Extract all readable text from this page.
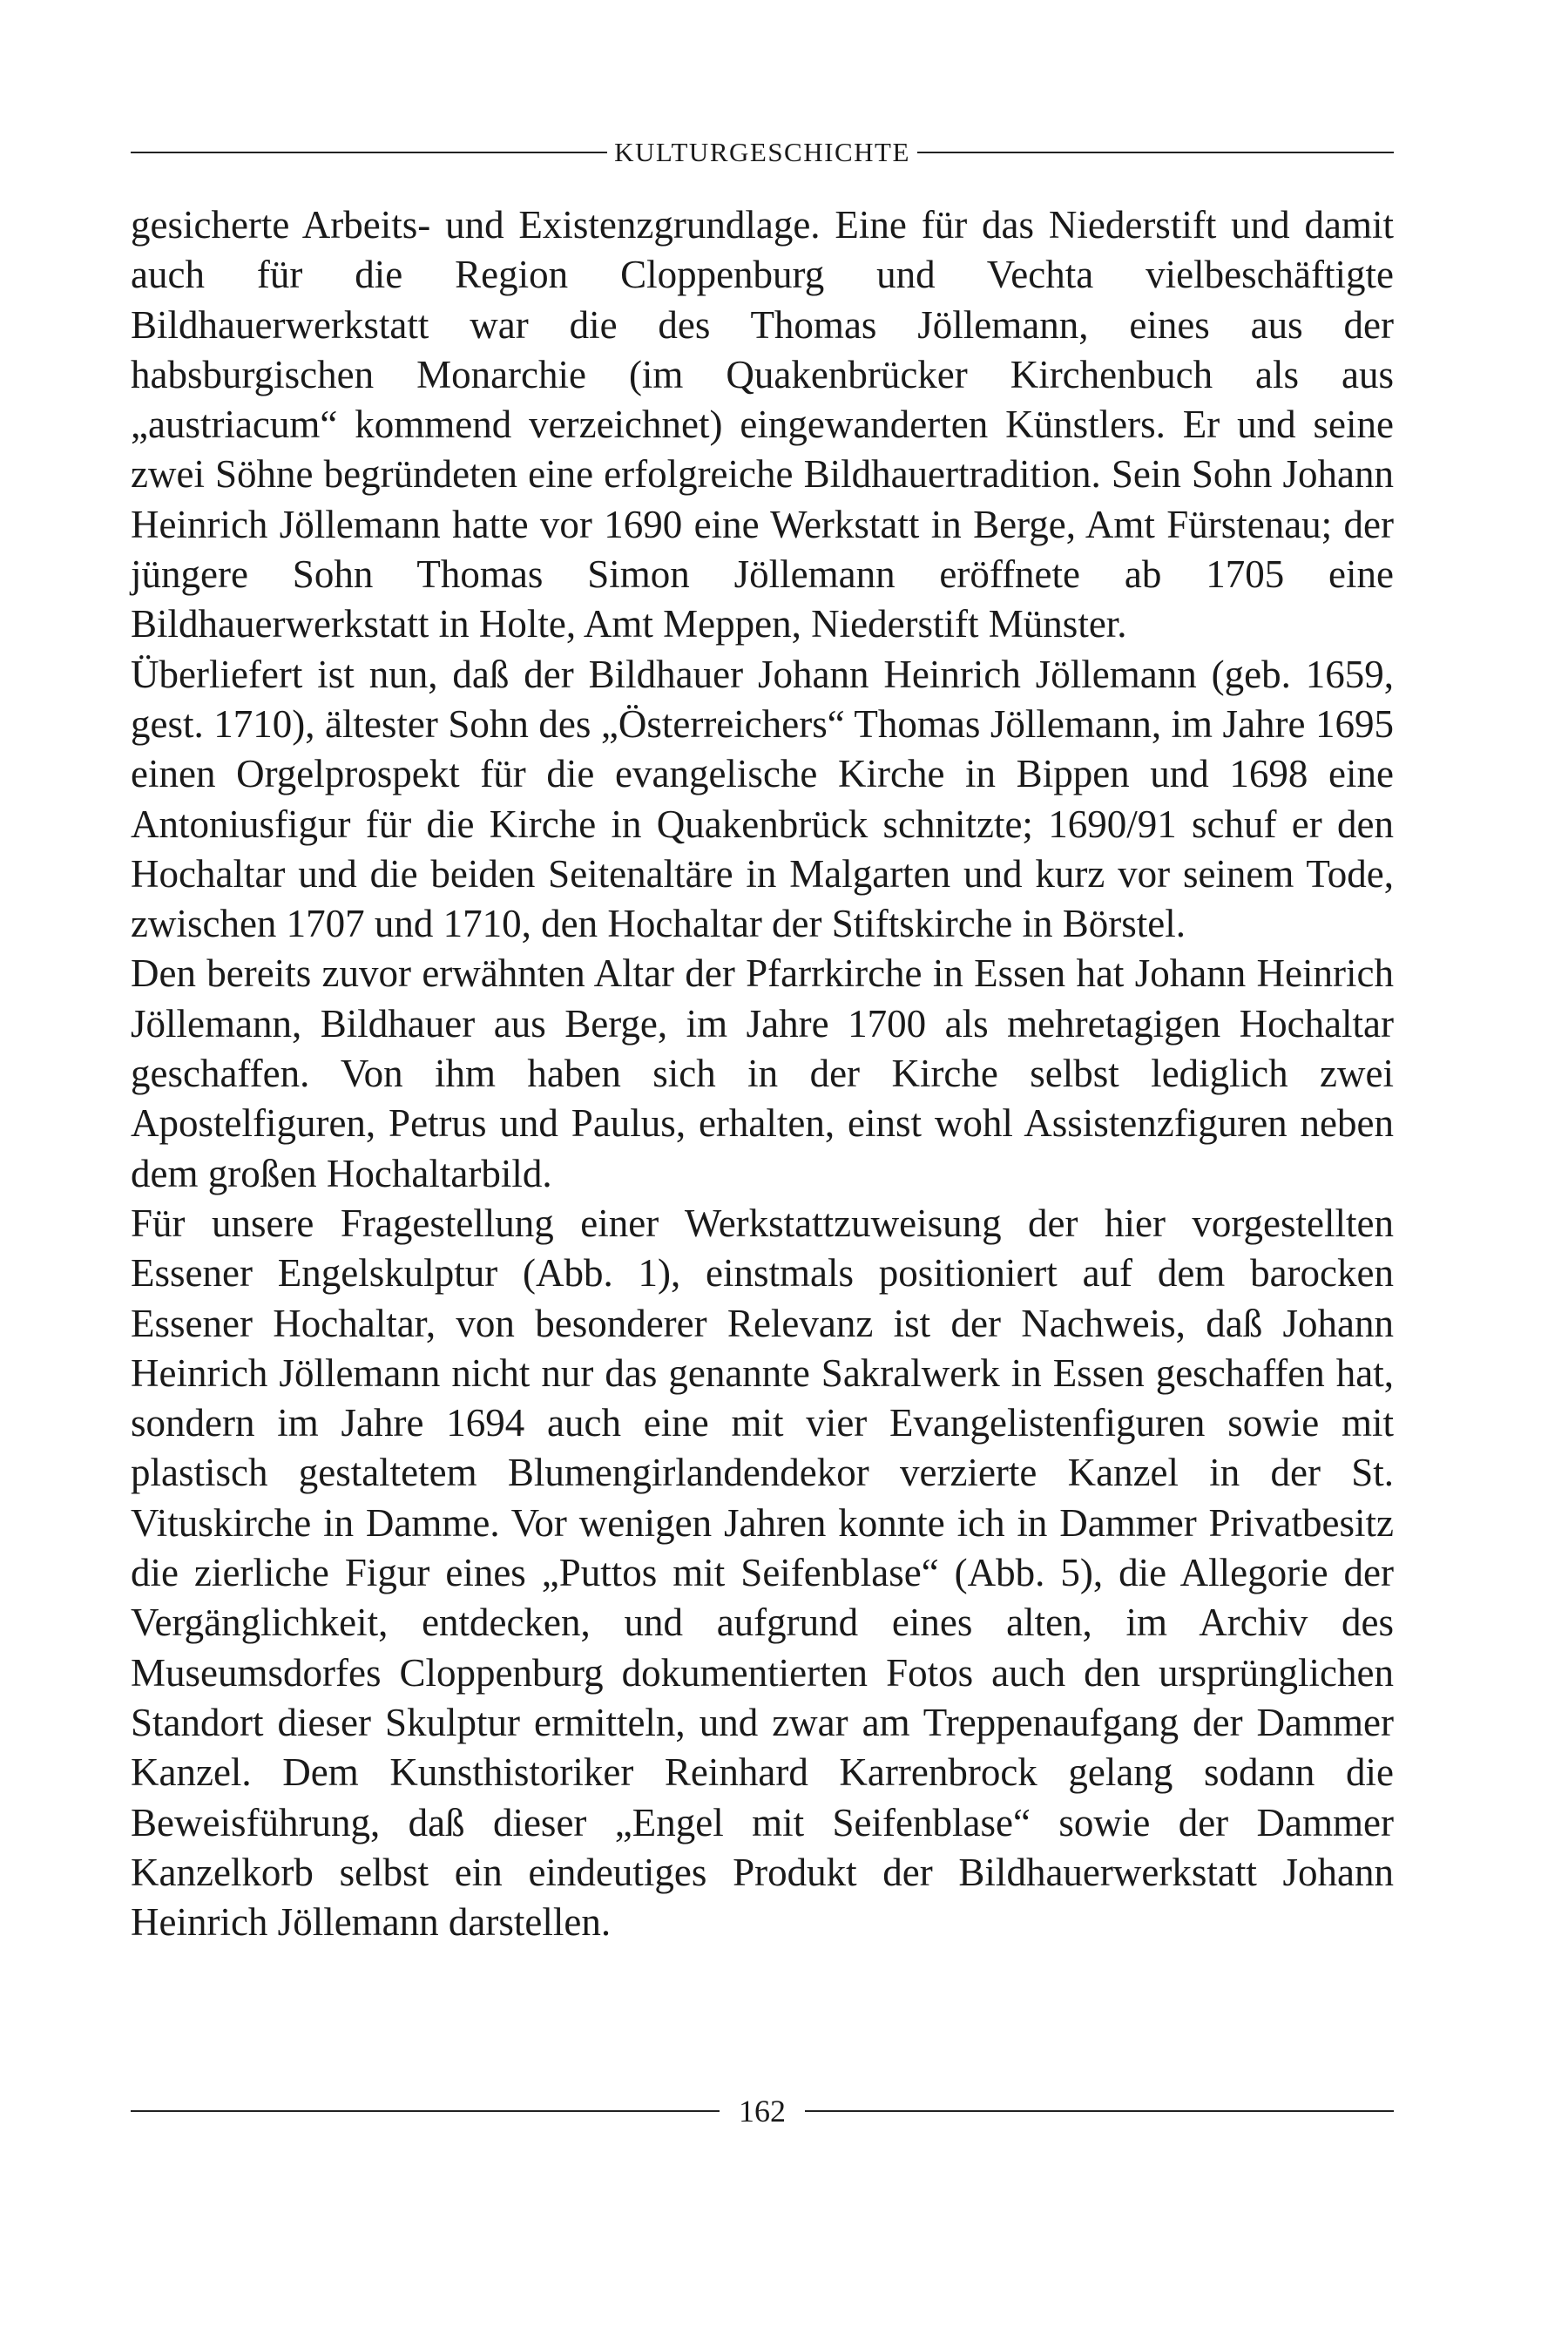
KULTURGESCHICHTE

gesicherte Arbeits- und Existenzgrundlage. Eine für das Niederstift und damit auch für die Region Cloppenburg und Vechta vielbeschäftigte Bildhauerwerkstatt war die des Thomas Jöllemann, eines aus der habsburgischen Monarchie (im Quakenbrücker Kirchenbuch als aus „austriacum“ kommend verzeichnet) eingewanderten Künstlers. Er und seine zwei Söhne begründeten eine erfolgreiche Bildhauertradition. Sein Sohn Johann Heinrich Jöllemann hatte vor 1690 eine Werkstatt in Berge, Amt Fürstenau; der jüngere Sohn Thomas Simon Jöllemann eröffnete ab 1705 eine Bildhauerwerkstatt in Holte, Amt Meppen, Niederstift Münster.

Überliefert ist nun, daß der Bildhauer Johann Heinrich Jöllemann (geb. 1659, gest. 1710), ältester Sohn des „Österreichers“ Thomas Jöllemann, im Jahre 1695 einen Orgelprospekt für die evangelische Kirche in Bippen und 1698 eine Antoniusfigur für die Kirche in Quakenbrück schnitzte; 1690/91 schuf er den Hochaltar und die beiden Seitenaltäre in Malgarten und kurz vor seinem Tode, zwischen 1707 und 1710, den Hochaltar der Stiftskirche in Börstel.

Den bereits zuvor erwähnten Altar der Pfarrkirche in Essen hat Johann Heinrich Jöllemann, Bildhauer aus Berge, im Jahre 1700 als mehretagigen Hochaltar geschaffen. Von ihm haben sich in der Kirche selbst lediglich zwei Apostelfiguren, Petrus und Paulus, erhalten, einst wohl Assistenzfiguren neben dem großen Hochaltarbild.

Für unsere Fragestellung einer Werkstattzuweisung der hier vorgestellten Essener Engelskulptur (Abb. 1), einstmals positioniert auf dem barocken Essener Hochaltar, von besonderer Relevanz ist der Nachweis, daß Johann Heinrich Jöllemann nicht nur das genannte Sakralwerk in Essen geschaffen hat, sondern im Jahre 1694 auch eine mit vier Evangelistenfiguren sowie mit plastisch gestaltetem Blumengirlandendekor verzierte Kanzel in der St. Vituskirche in Damme. Vor wenigen Jahren konnte ich in Dammer Privatbesitz die zierliche Figur eines „Puttos mit Seifenblase“ (Abb. 5), die Allegorie der Vergänglichkeit, entdecken, und aufgrund eines alten, im Archiv des Museumsdorfes Cloppenburg dokumentierten Fotos auch den ursprünglichen Standort dieser Skulptur ermitteln, und zwar am Treppenaufgang der Dammer Kanzel. Dem Kunsthistoriker Reinhard Karrenbrock gelang sodann die Beweisführung, daß dieser „Engel mit Seifenblase“ sowie der Dammer Kanzelkorb selbst ein eindeutiges Produkt der Bildhauerwerkstatt Johann Heinrich Jöllemann darstellen.

162
